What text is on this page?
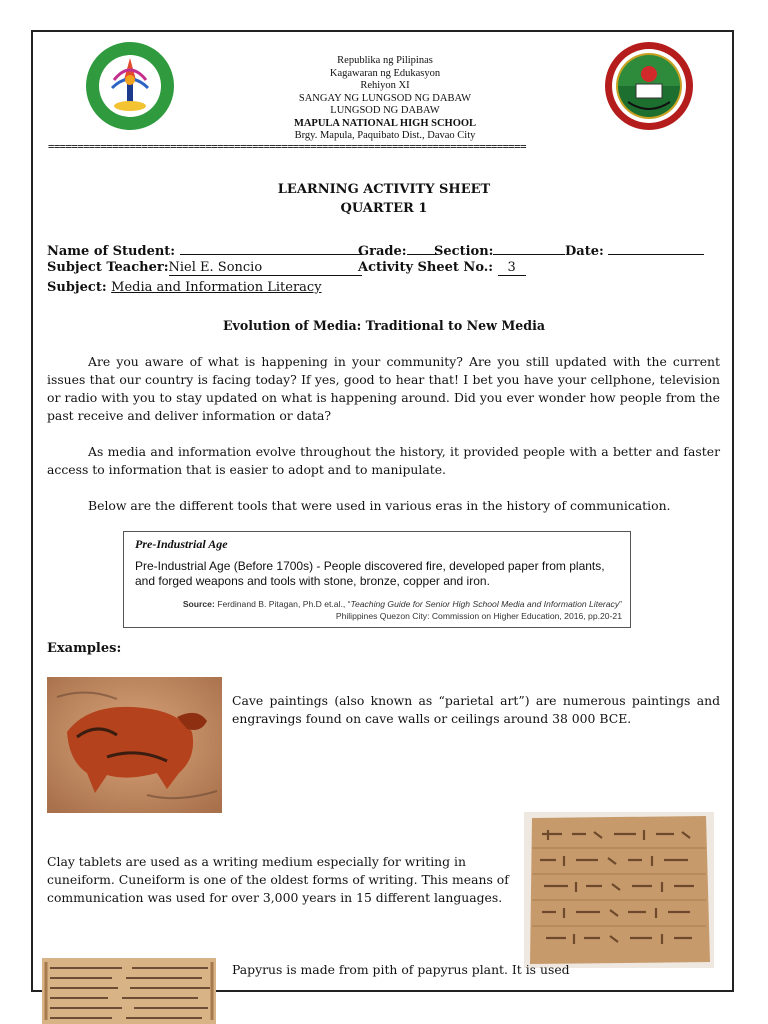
Republika ng Pilipinas
Kagawaran ng Edukasyon
Rehiyon XI
SANGAY NG LUNGSOD NG DABAW
LUNGSOD NG DABAW
MAPULA NATIONAL HIGH SCHOOL
Brgy. Mapula, Paquibato Dist., Davao City
==================================================================================
LEARNING ACTIVITY SHEET
QUARTER 1
Name of Student:	Grade:	Section:	Date:
Subject Teacher:Niel E. Soncio	Activity Sheet No.: 3
Subject: Media and Information Literacy
Evolution of Media: Traditional to New Media
Are you aware of what is happening in your community? Are you still updated with the current issues that our country is facing today? If yes, good to hear that! I bet you have your cellphone, television or radio with you to stay updated on what is happening around. Did you ever wonder how people from the past receive and deliver information or data?
As media and information evolve throughout the history, it provided people with a better and faster access to information that is easier to adopt and to manipulate.
Below are the different tools that were used in various eras in the history of communication.
Pre-Industrial Age
Pre-Industrial Age (Before 1700s) - People discovered fire, developed paper from plants, and forged weapons and tools with stone, bronze, copper and iron.
Source: Ferdinand B. Pitagan, Ph.D et.al., “Teaching Guide for Senior High School Media and Information Literacy” Philippines Quezon City: Commission on Higher Education, 2016, pp.20-21
Examples:
Cave paintings (also known as “parietal art”) are numerous paintings and engravings found on cave walls or ceilings around 38 000 BCE.
Clay tablets are used as a writing medium especially for writing in cuneiform. Cuneiform is one of the oldest forms of writing. This means of communication was used for over 3,000 years in 15 different languages.
Papyrus is made from pith of papyrus plant. It is used
